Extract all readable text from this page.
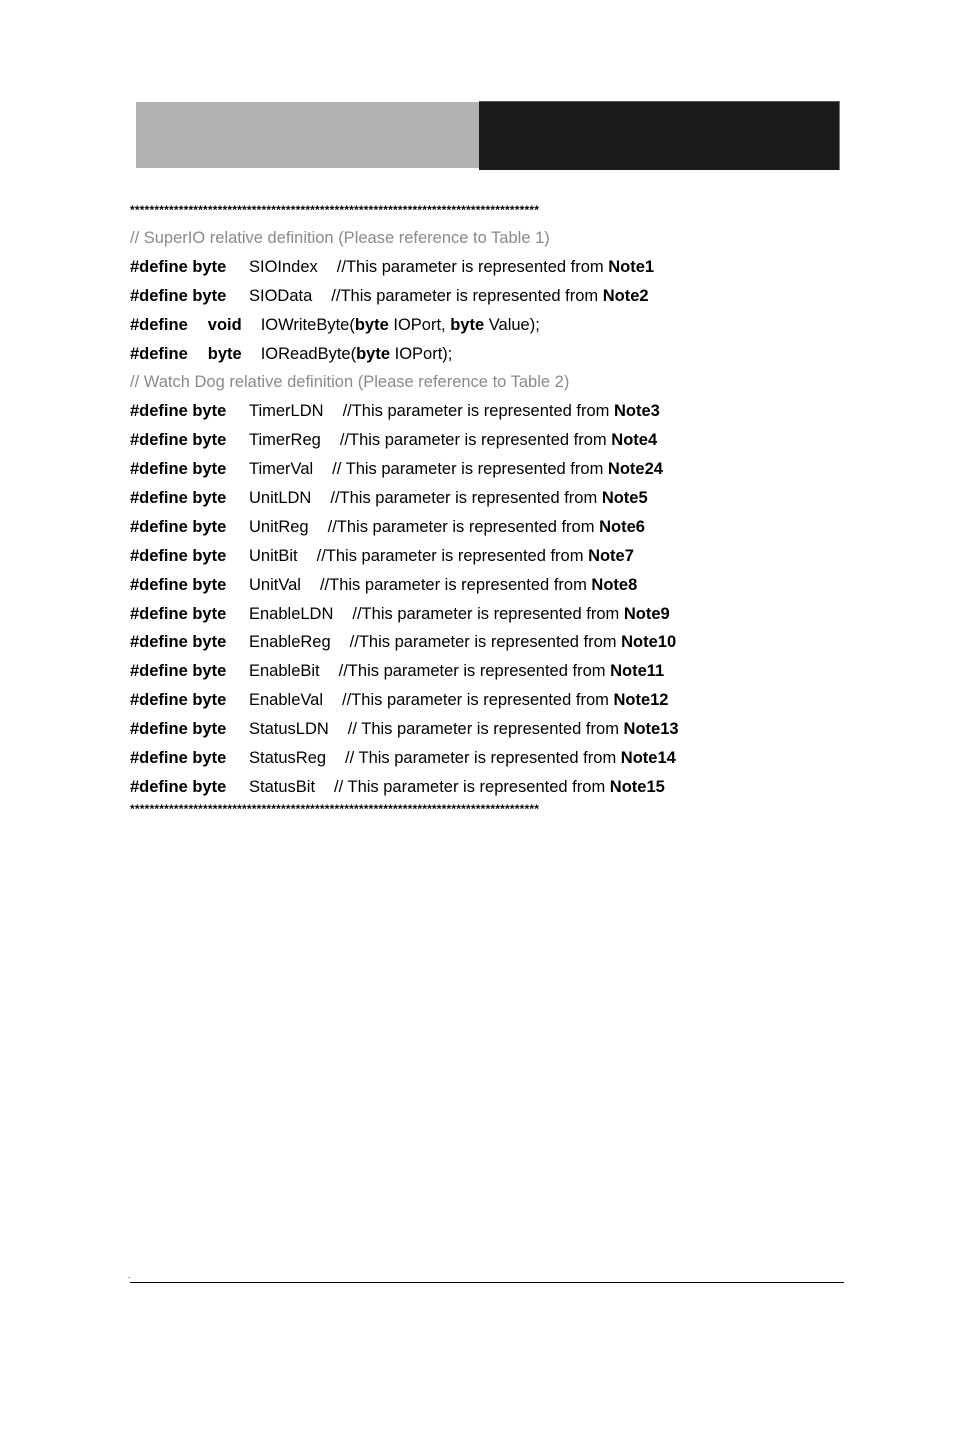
************************************************************************************
// SuperIO relative definition (Please reference to Table 1)
#define byte SIOIndex //This parameter is represented from Note1
#define byte SIOData //This parameter is represented from Note2
#define void IOWriteByte(byte IOPort, byte Value);
#define byte IOReadByte(byte IOPort);
// Watch Dog relative definition (Please reference to Table 2)
#define byte TimerLDN //This parameter is represented from Note3
#define byte TimerReg //This parameter is represented from Note4
#define byte TimerVal // This parameter is represented from Note24
#define byte UnitLDN //This parameter is represented from Note5
#define byte UnitReg //This parameter is represented from Note6
#define byte UnitBit //This parameter is represented from Note7
#define byte UnitVal //This parameter is represented from Note8
#define byte EnableLDN //This parameter is represented from Note9
#define byte EnableReg //This parameter is represented from Note10
#define byte EnableBit //This parameter is represented from Note11
#define byte EnableVal //This parameter is represented from Note12
#define byte StatusLDN // This parameter is represented from Note13
#define byte StatusReg // This parameter is represented from Note14
#define byte StatusBit // This parameter is represented from Note15
************************************************************************************
.
